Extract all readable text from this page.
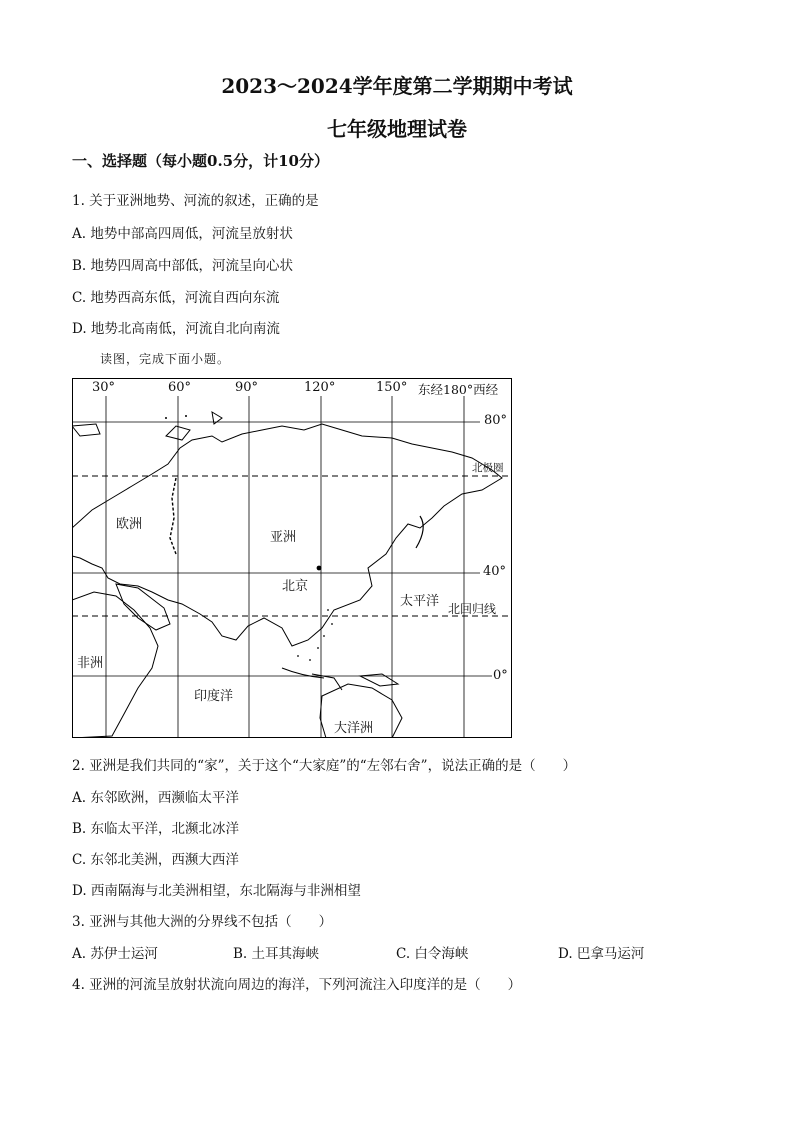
2023～2024学年度第二学期期中考试
七年级地理试卷
一、选择题（每小题0.5分，计10分）
1. 关于亚洲地势、河流的叙述，正确的是
A. 地势中部高四周低，河流呈放射状
B. 地势四周高中部低，河流呈向心状
C. 地势西高东低，河流自西向东流
D. 地势北高南低，河流自北向南流
读图，完成下面小题。
30°	60°	90°	120°	150° 东经180°西经
80°
北极圈
40°
北回归线
0°
欧洲
亚洲
北京
太平洋
非洲
印度洋
大洋洲
2. 亚洲是我们共同的“家”，关于这个“大家庭”的“左邻右舍”，说法正确的是（　　）
A. 东邻欧洲，西濒临太平洋
B. 东临太平洋，北濒北冰洋
C. 东邻北美洲，西濒大西洋
D. 西南隔海与北美洲相望，东北隔海与非洲相望
3. 亚洲与其他大洲的分界线不包括（　　）
A. 苏伊士运河	B. 土耳其海峡	C. 白令海峡	D. 巴拿马运河
4. 亚洲的河流呈放射状流向周边的海洋，下列河流注入印度洋的是（　　）
